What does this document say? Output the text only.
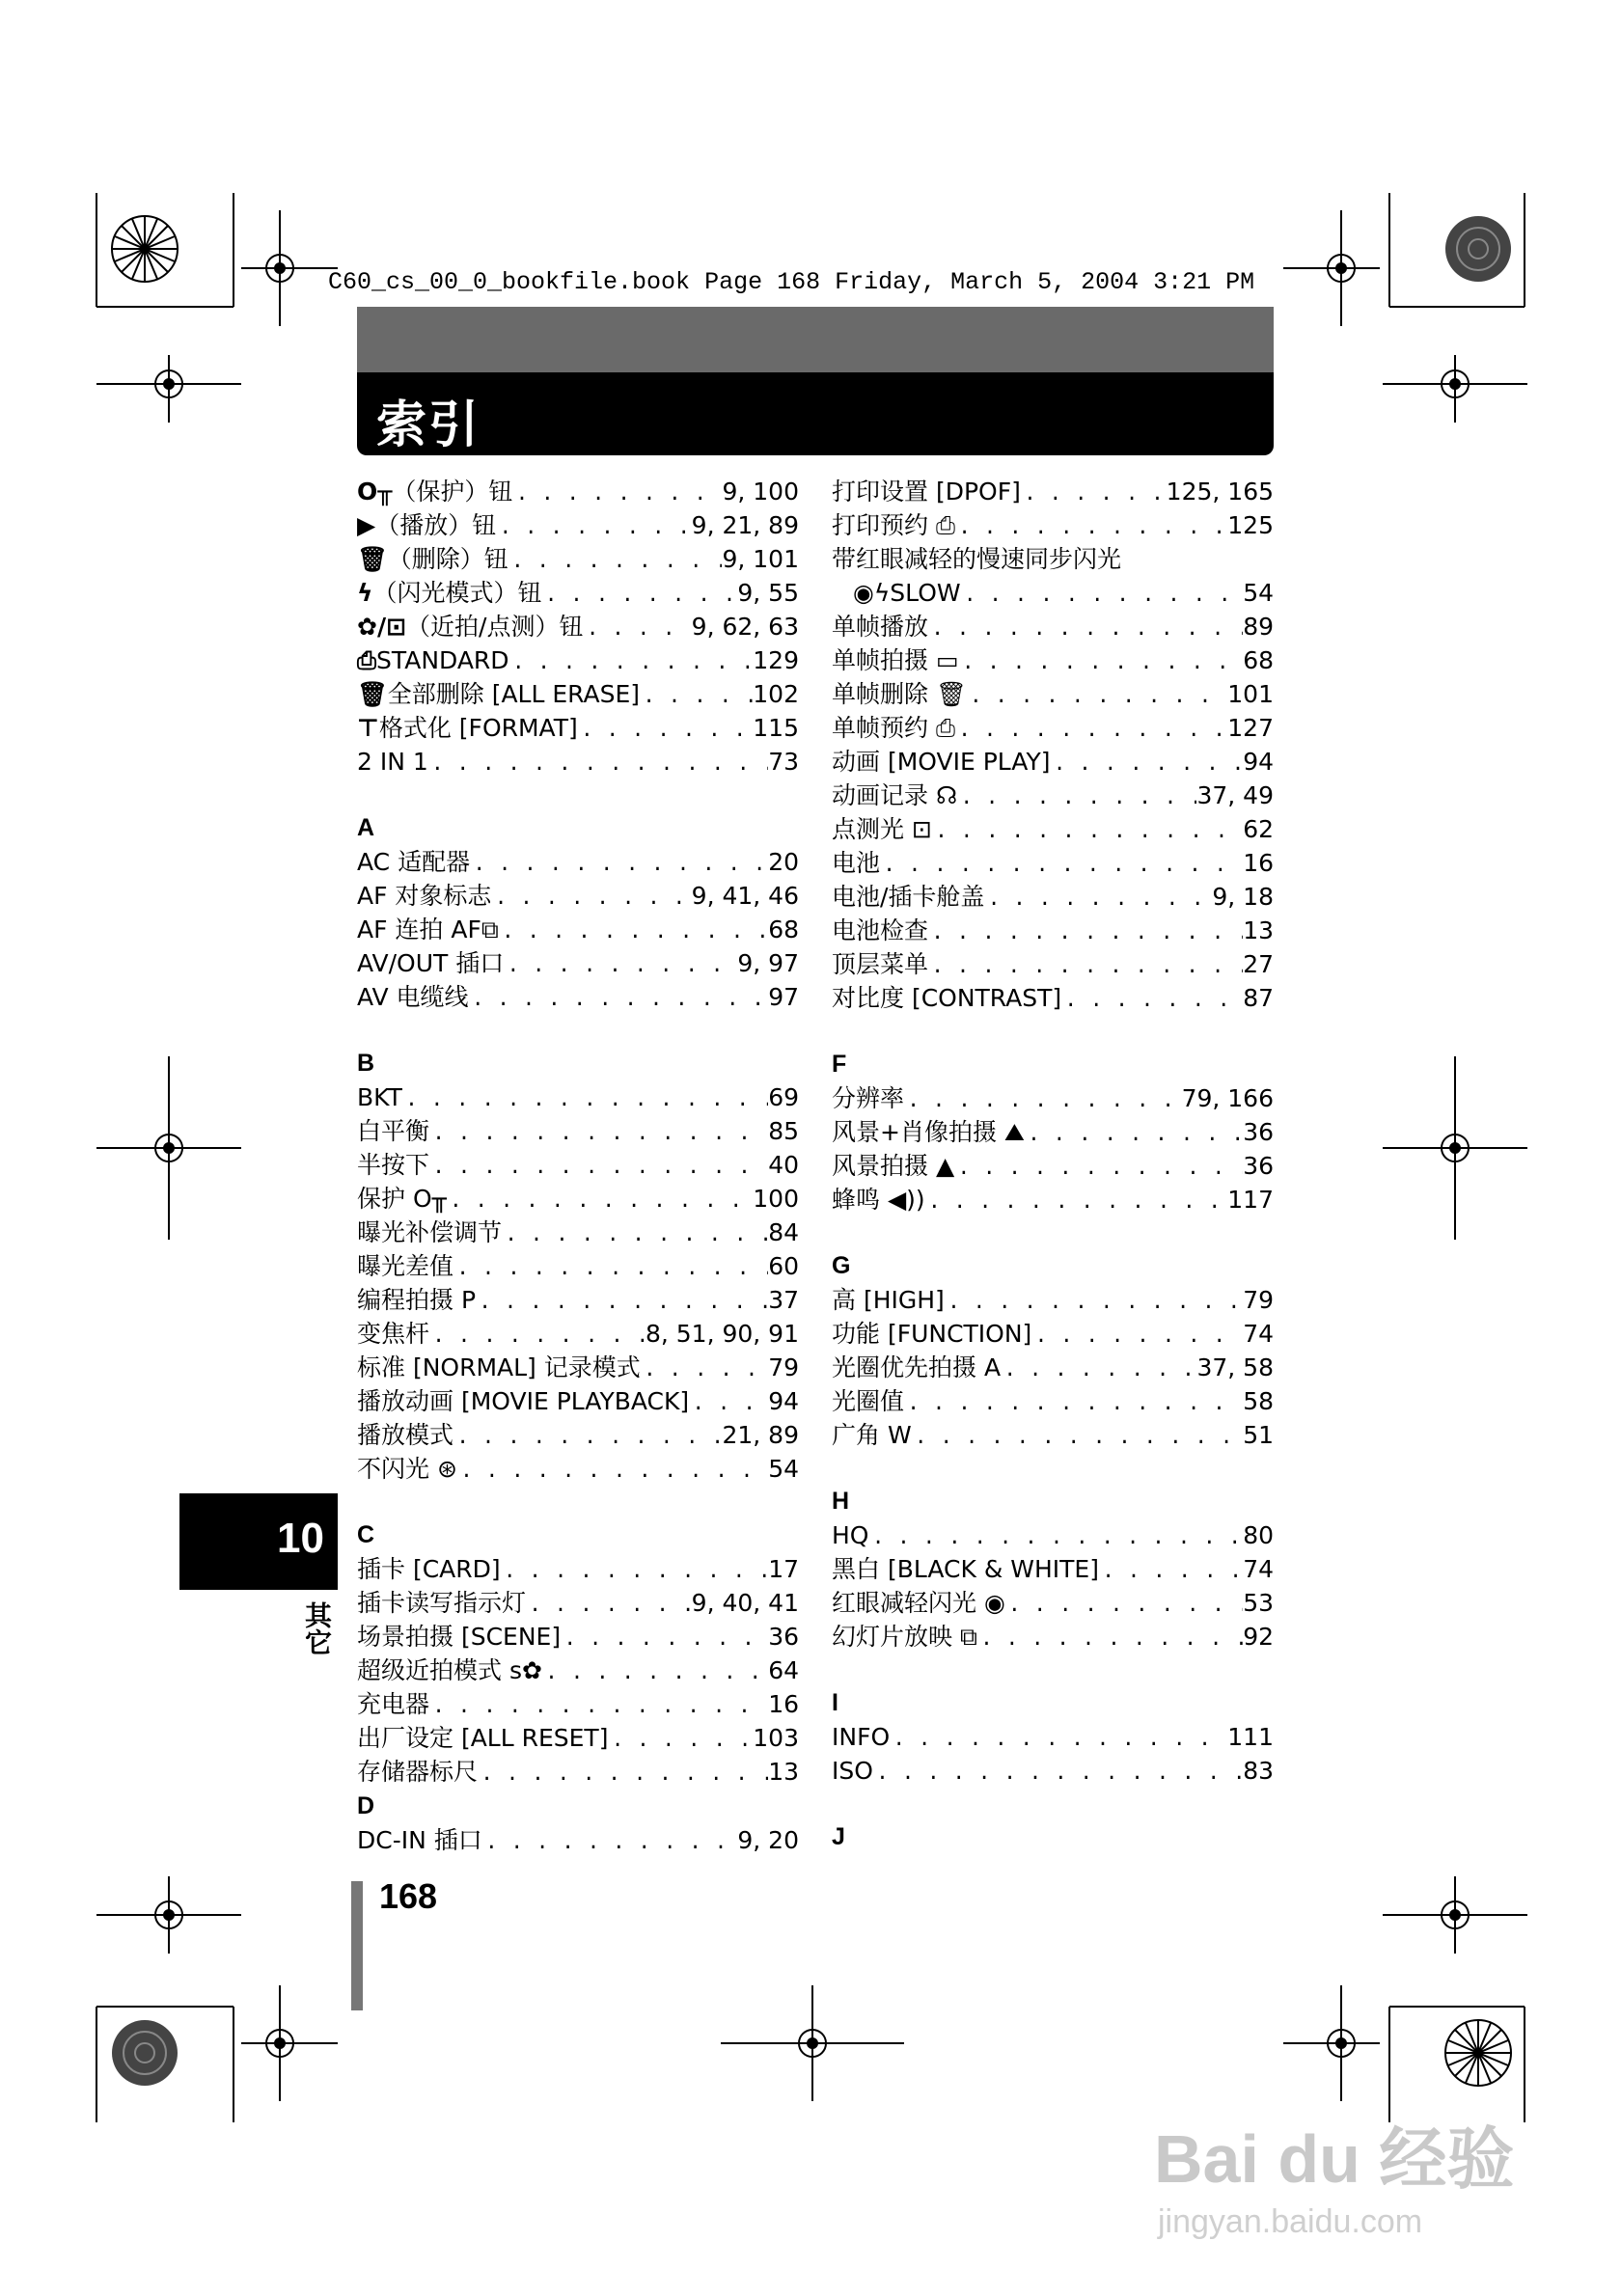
C60_cs_00_0_bookfile.book Page 168 Friday, March 5, 2004 3:21 PM
索引
O╥（保护）钮 . . .	9, 100
▶（播放）钮 . . .	9, 21, 89
🗑（删除）钮 . . .	9, 101
ϟ（闪光模式）钮 . . .	9, 55
✿/⊡（近拍/点测）钮 . . .	9, 62, 63
⎙STANDARD . . .	129
🗑全部删除 [ALL ERASE] . . .	102
⊤格式化 [FORMAT] . . .	115
2 IN 1 . . .	73
A
AC 适配器 . . .	20
AF 对象标志 . . .	9, 41, 46
AF 连拍 AF⧉ . . .	68
AV/OUT 插口 . . .	9, 97
AV 电缆线 . . .	97
B
BKT . . .	69
白平衡 . . .	85
半按下 . . .	40
保护 O╥ . . .	100
曝光补偿调节 . . .	84
曝光差值 . . .	60
编程拍摄 P . . .	37
变焦杆 . . .	8, 51, 90, 91
标准 [NORMAL] 记录模式 . . .	79
播放动画 [MOVIE PLAYBACK] . . .	94
播放模式 . . .	21, 89
不闪光 ⊛ . . .	54
C
插卡 [CARD] . . .	17
插卡读写指示灯 . . .	9, 40, 41
场景拍摄 [SCENE] . . .	36
超级近拍模式 s✿ . . .	64
充电器 . . .	16
出厂设定 [ALL RESET] . . .	103
存储器标尺 . . .	13
D
DC-IN 插口 . . .	9, 20
打印设置 [DPOF] . . .	125, 165
打印预约 ⎙ . . .	125
带红眼减轻的慢速同步闪光
◉ϟSLOW . . .	54
单帧播放 . . .	89
单帧拍摄 ▭ . . .	68
单帧删除 🗑 . . .	101
单帧预约 ⎙ . . .	127
动画 [MOVIE PLAY] . . .	94
动画记录 ☊ . . .	37, 49
点测光 ⊡ . . .	62
电池 . . .	16
电池/插卡舱盖 . . .	9, 18
电池检查 . . .	13
顶层菜单 . . .	27
对比度 [CONTRAST] . . .	87
F
分辨率 . . .	79, 166
风景+肖像拍摄 ⛰ . . .	36
风景拍摄 ▲ . . .	36
蜂鸣 ◀)) . . .	117
G
高 [HIGH] . . .	79
功能 [FUNCTION] . . .	74
光圈优先拍摄 A . . .	37, 58
光圈值 . . .	58
广角 W . . .	51
H
HQ . . .	80
黑白 [BLACK & WHITE] . . .	74
红眼减轻闪光 ◉ . . .	53
幻灯片放映 ⧉ . . .	92
I
INFO . . .	111
ISO . . .	83
J
10
其它
168
Bai du 经验
jingyan.baidu.com
